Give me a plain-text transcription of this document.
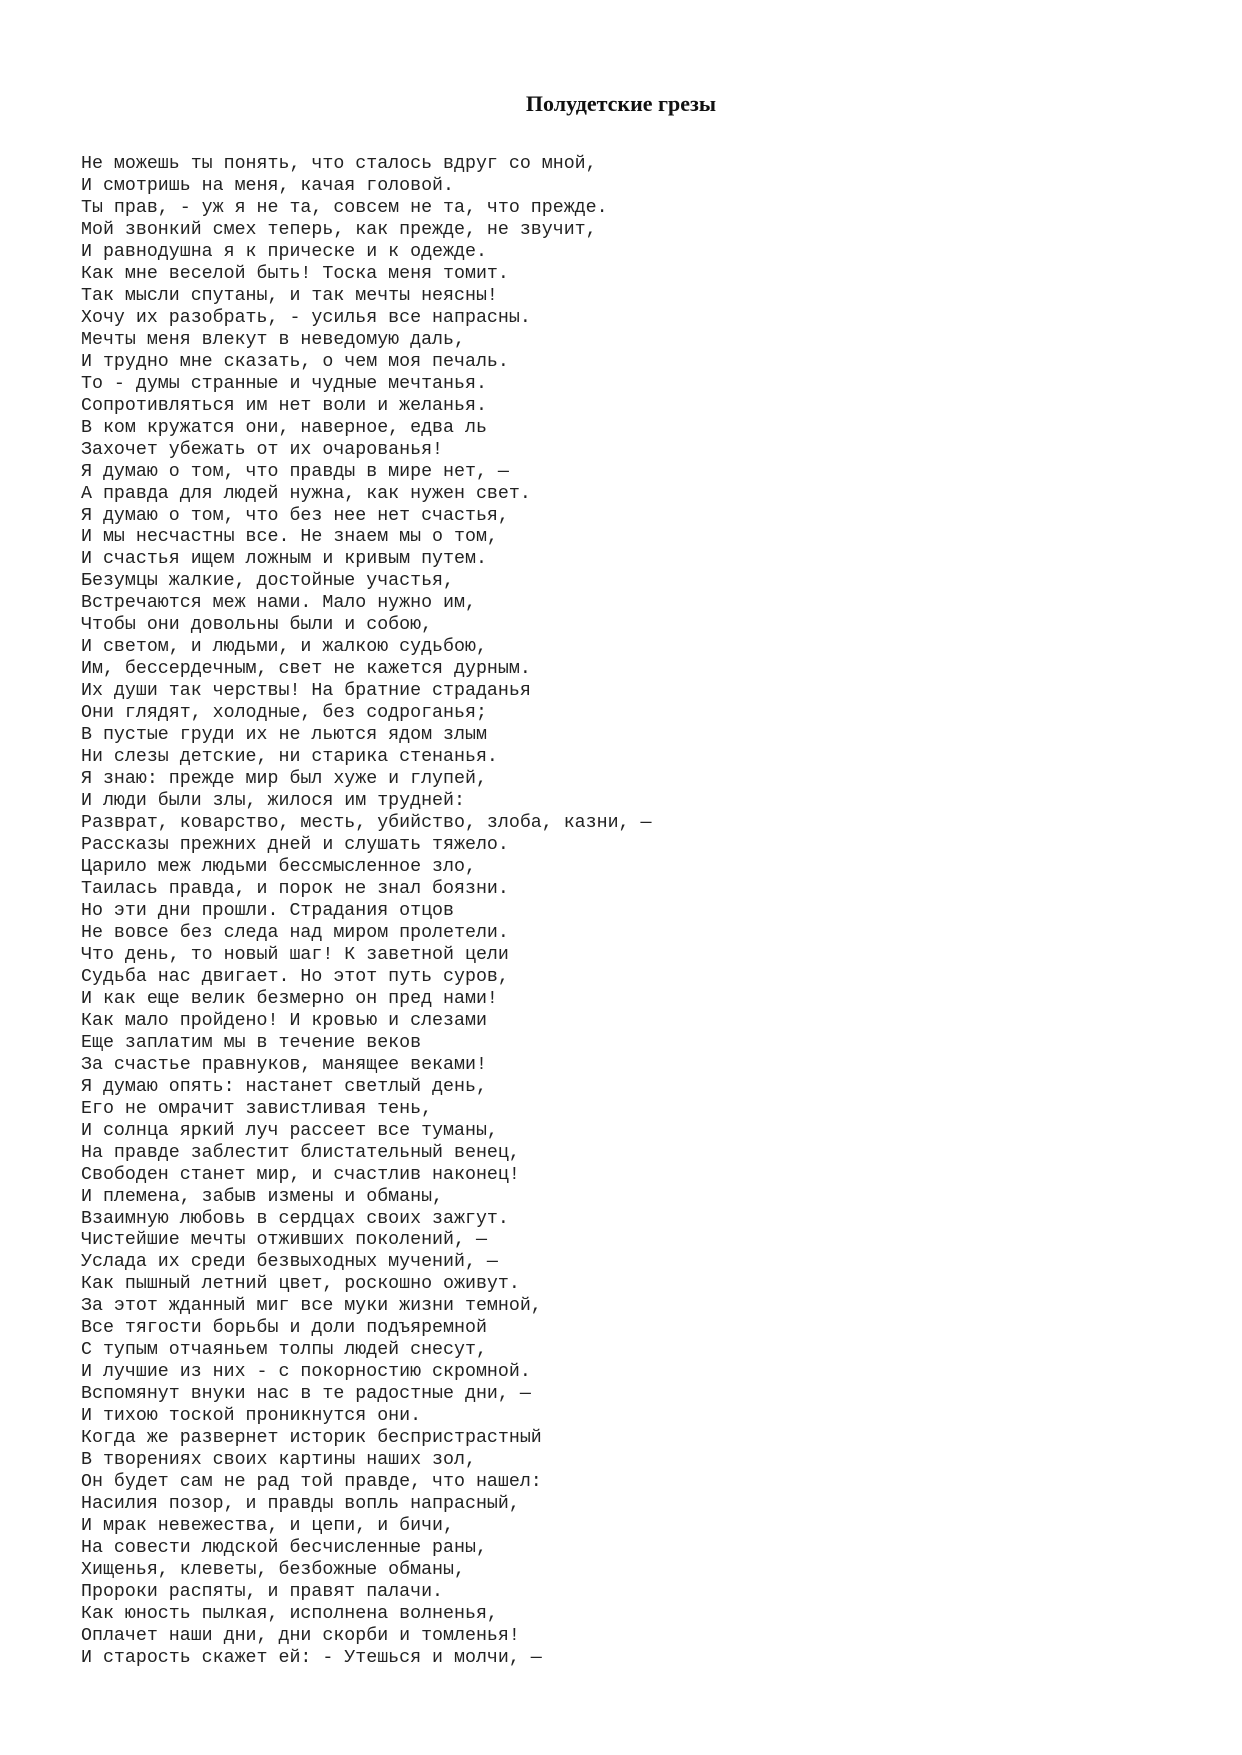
Полудетские грезы
Не можешь ты понять, что сталось вдруг со мной,
И смотришь на меня, качая головой.
Ты прав, - уж я не та, совсем не та, что прежде.
Мой звонкий смех теперь, как прежде, не звучит,
И равнодушна я к прическе и к одежде.
Как мне веселой быть! Тоска меня томит.
Так мысли спутаны, и так мечты неясны!
Хочу их разобрать, - усилья все напрасны.
Мечты меня влекут в неведомую даль,
И трудно мне сказать, о чем моя печаль.
То - думы странные и чудные мечтанья.
Сопротивляться им нет воли и желанья.
В ком кружатся они, наверное, едва ль
Захочет убежать от их очарованья!
Я думаю о том, что правды в мире нет, —
А правда для людей нужна, как нужен свет.
Я думаю о том, что без нее нет счастья,
И мы несчастны все. Не знаем мы о том,
И счастья ищем ложным и кривым путем.
Безумцы жалкие, достойные участья,
Встречаются меж нами. Мало нужно им,
Чтобы они довольны были и собою,
И светом, и людьми, и жалкою судьбою,
Им, бессердечным, свет не кажется дурным.
Их души так черствы! На братние страданья
Они глядят, холодные, без содроганья;
В пустые груди их не льются ядом злым
Ни слезы детские, ни старика стенанья.
Я знаю: прежде мир был хуже и глупей,
И люди были злы, жилося им трудней:
Разврат, коварство, месть, убийство, злоба, казни, —
Рассказы прежних дней и слушать тяжело.
Царило меж людьми бессмысленное зло,
Таилась правда, и порок не знал боязни.
Но эти дни прошли. Страдания отцов
Не вовсе без следа над миром пролетели.
Что день, то новый шаг! К заветной цели
Судьба нас двигает. Но этот путь суров,
И как еще велик безмерно он пред нами!
Как мало пройдено! И кровью и слезами
Еще заплатим мы в течение веков
За счастье правнуков, манящее веками!
Я думаю опять: настанет светлый день,
Его не омрачит завистливая тень,
И солнца яркий луч рассеет все туманы,
На правде заблестит блистательный венец,
Свободен станет мир, и счастлив наконец!
И племена, забыв измены и обманы,
Взаимную любовь в сердцах своих зажгут.
Чистейшие мечты отживших поколений, —
Услада их среди безвыходных мучений, —
Как пышный летний цвет, роскошно оживут.
За этот жданный миг все муки жизни темной,
Все тягости борьбы и доли подъяремной
С тупым отчаяньем толпы людей снесут,
И лучшие из них - с покорностию скромной.
Вспомянут внуки нас в те радостные дни, —
И тихою тоской проникнутся они.
Когда же развернет историк беспристрастный
В творениях своих картины наших зол,
Он будет сам не рад той правде, что нашел:
Насилия позор, и правды вопль напрасный,
И мрак невежества, и цепи, и бичи,
На совести людской бесчисленные раны,
Хищенья, клеветы, безбожные обманы,
Пророки распяты, и правят палачи.
Как юность пылкая, исполнена волненья,
Оплачет наши дни, дни скорби и томленья!
И старость скажет ей: - Утешься и молчи, —
